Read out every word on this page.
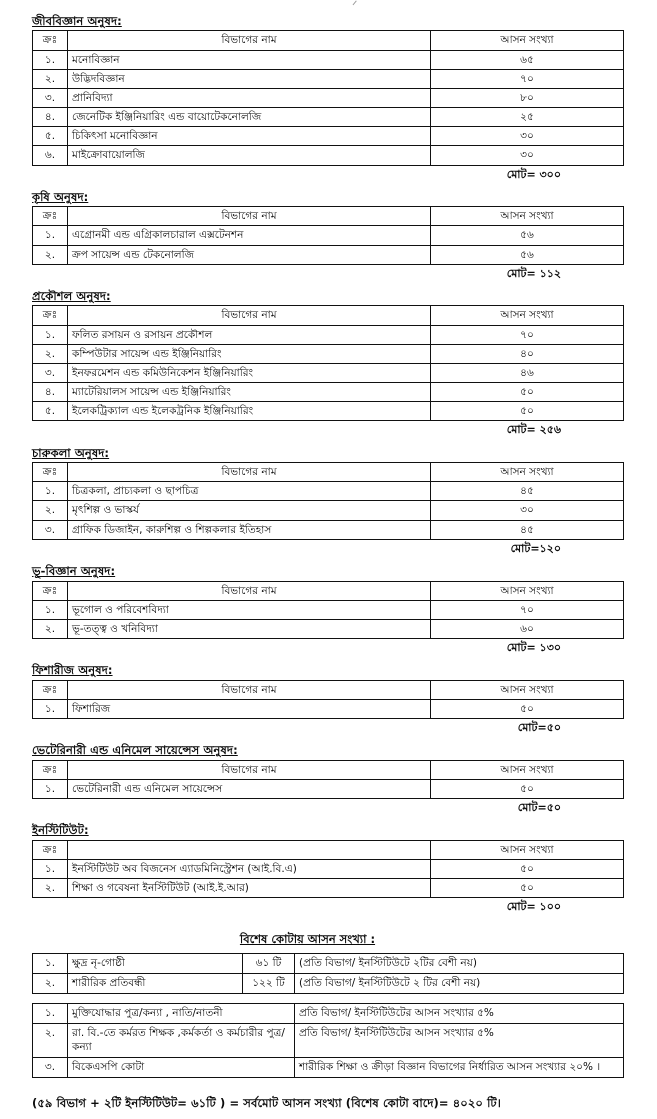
ᐟ
জীববিজ্ঞান অনুষদ:
ক্রঃ	বিভাগের নাম	আসন সংখ্যা
১.	মনোবিজ্ঞান	৬৫
২.	উদ্ভিদবিজ্ঞান	৭০
৩.	প্রানিবিদ্যা	৮০
৪.	জেনেটিক ইঞ্জিনিয়ারিং এন্ড বায়োটেকনোলজি	২৫
৫.	চিকিৎসা মনোবিজ্ঞান	৩০
৬.	মাইক্রোবায়োলজি	৩০
মোট= ৩০০
কৃষি অনুষদ:
ক্রঃ	বিভাগের নাম	আসন সংখ্যা
১.	এগ্রোনমী এন্ড এগ্রিকালচারাল এক্সটেনশন	৫৬
২.	ক্রপ সায়েন্স এন্ড টেকনোলজি	৫৬
মোট= ১১২
প্রকৌশল অনুষদ:
ক্রঃ	বিভাগের নাম	আসন সংখ্যা
১.	ফলিত রসায়ন ও রসায়ন প্রকৌশল	৭০
২.	কম্পিউটার সায়েন্স এন্ড ইঞ্জিনিয়ারিং	৪০
৩.	ইনফরমেশন এন্ড কমিউনিকেশন ইঞ্জিনিয়ারিং	৪৬
৪.	ম্যাটেরিয়ালস সায়েন্স এন্ড ইঞ্জিনিয়ারিং	৫০
৫.	ইলেকট্রিক্যাল এন্ড ইলেকট্রনিক ইঞ্জিনিয়ারিং	৫০
মোট= ২৫৬
চারুকলা অনুষদ:
ক্রঃ	বিভাগের নাম	আসন সংখ্যা
১.	চিত্রকলা, প্রাচ্যকলা ও ছাপচিত্র	৪৫
২.	মৃৎশিল্প ও ভাস্কর্য	৩০
৩.	গ্রাফিক ডিজাইন, কারুশিল্প ও শিল্পকলার ইতিহাস	৪৫
মোট=১২০
ভূ-বিজ্ঞান অনুষদ:
ক্রঃ	বিভাগের নাম	আসন সংখ্যা
১.	ভূগোল ও পরিবেশবিদ্যা	৭০
২.	ভূ-তত্ত্ব ও খনিবিদ্যা	৬০
মোট= ১৩০
ফিশারীজ অনুষদ:
ক্রঃ	বিভাগের নাম	আসন সংখ্যা
১.	ফিশারিজ	৫০
মোট=৫০
ভেটেরিনারী এন্ড এনিমেল সায়েন্সেস অনুষদ:
ক্রঃ	বিভাগের নাম	আসন সংখ্যা
১.	ভেটেরিনারী এন্ড এনিমেল সায়েন্সেস	৫০
মোট=৫০
ইনস্টিটিউট:
ক্রঃ		আসন সংখ্যা
১.	ইনস্টিটিউট অব বিজনেস এ্যাডমিনিস্ট্রেশন (আই.বি.এ)	৫০
২.	শিক্ষা ও গবেষনা ইনস্টিটিউট (আই.ই.আর)	৫০
মোট= ১০০
বিশেষ কোটায় আসন সংখ্যা :
১.	ক্ষুদ্র নৃ-গোষ্ঠী	৬১ টি	(প্রতি বিভাগ/ ইনস্টিটিউটে ২টির বেশী নয়)
২.	শারীরিক প্রতিবন্ধী	১২২ টি	(প্রতি বিভাগ/ ইনস্টিটিউটে ২ টির বেশী নয়)
১.	মুক্তিযোদ্ধার পুত্র/কন্যা , নাতি/নাতনী	প্রতি বিভাগ/ ইনস্টিটিউটের আসন সংখ্যার ৫%
২.	রা. বি.-তে কর্মরত শিক্ষক ,কর্মকর্তা ও কর্মচারীর পুত্র/কন্যা	প্রতি বিভাগ/ ইনস্টিটিউটের আসন সংখ্যার ৫%
৩.	বিকেএসপি কোটা	শারীরিক শিক্ষা ও ক্রীড়া বিজ্ঞান বিভাগের নির্ধারিত আসন সংখ্যার ২০% ।
(৫৯ বিভাগ + ২টি ইনস্টিটিউট= ৬১টি ) = সর্বমোট আসন সংখ্যা (বিশেষ কোটা বাদে)= ৪০২০ টি।
